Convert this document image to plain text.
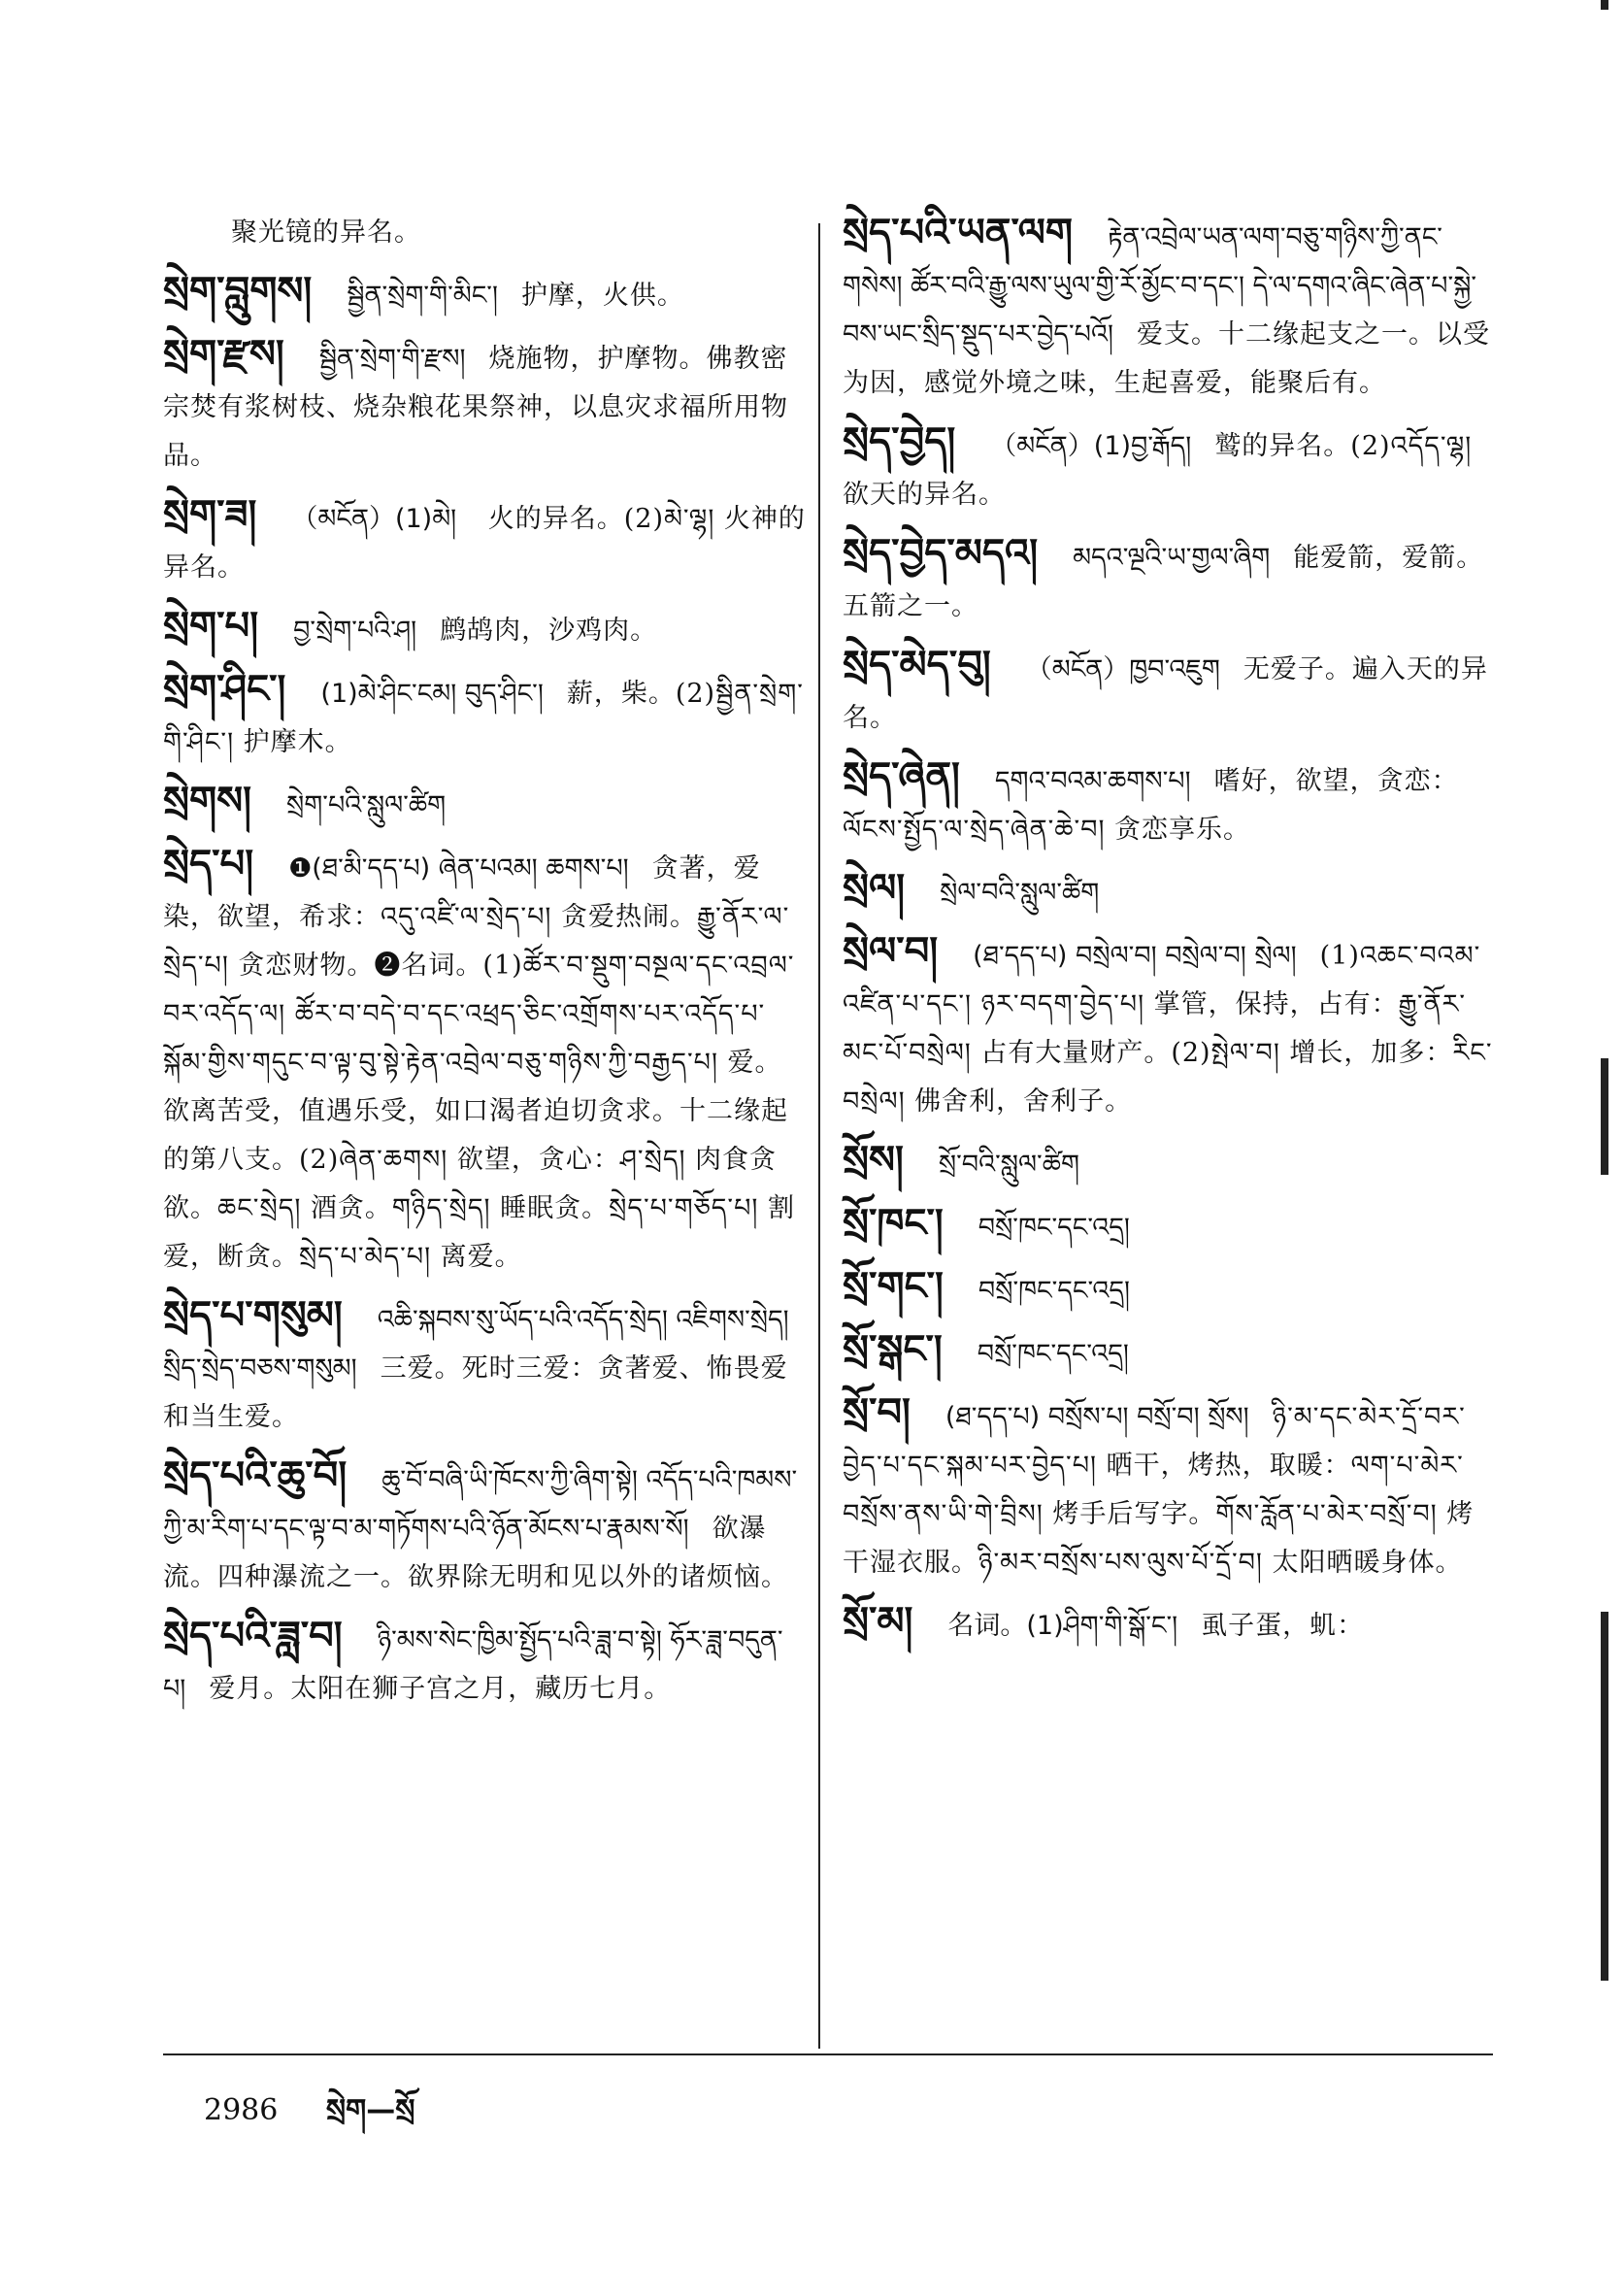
聚光镜的异名。
སྲེག་བླུགས། སྦྱིན་སྲེག་གི་མིང་། 护摩，火供。
སྲེག་རྫས། སྦྱིན་སྲེག་གི་རྫས། 烧施物，护摩物。佛教密宗焚有浆树枝、烧杂粮花果祭神，以息灾求福所用物品。
སྲེག་ཟ། （མངོན）(1)མེ། 火的异名。(2)མེ་ལྷ། 火神的异名。
སྲེག་པ། བྱ་སྲེག་པའི་ཤ། 鹧鸪肉，沙鸡肉。
སྲེག་ཤིང་། (1)མེ་ཤིང་ངམ། བུད་ཤིང་། 薪，柴。(2)སྦྱིན་སྲེག་གི་ཤིང་། 护摩木。
སྲེགས། སྲེག་པའི་སླུལ་ཚིག
སྲེད་པ། ❶(ཐ་མི་དད་པ) ཞེན་པའམ། ཆགས་པ། 贪著，爱染，欲望，希求：འདུ་འཛི་ལ་སྲེད་པ། 贪爱热闹。རྒྱུ་ནོར་ལ་སྲེད་པ། 贪恋财物。❷名词。(1)ཚོར་བ་སྡུག་བསྔལ་དང་འབྲལ་བར་འདོད་ལ། ཚོར་བ་བདེ་བ་དང་འཕྲད་ཅིང་འགྲོགས་པར་འདོད་པ་སྐོམ་གྱིས་གདུང་བ་ལྟ་བུ་སྟེ་རྟེན་འབྲེལ་བཅུ་གཉིས་ཀྱི་བརྒྱད་པ། 爱。欲离苦受，值遇乐受，如口渴者迫切贪求。十二缘起的第八支。(2)ཞེན་ཆགས། 欲望，贪心：ཤ་སྲེད། 肉食贪欲。ཆང་སྲེད། 酒贪。གཉིད་སྲེད། 睡眠贪。སྲེད་པ་གཅོད་པ། 割爱，断贪。སྲེད་པ་མེད་པ། 离爱。
སྲེད་པ་གསུམ། འཆི་སྐབས་སུ་ཡོད་པའི་འདོད་སྲེད། འཇིགས་སྲེད། སྲིད་སྲེད་བཅས་གསུམ། 三爱。死时三爱：贪著爱、怖畏爱和当生爱。
སྲེད་པའི་ཆུ་བོ། ཆུ་བོ་བཞི་ཡི་ཁོངས་ཀྱི་ཞིག་སྟེ། འདོད་པའི་ཁམས་ཀྱི་མ་རིག་པ་དང་ལྟ་བ་མ་གཏོགས་པའི་ཉོན་མོངས་པ་རྣམས་སོ། 欲瀑流。四种瀑流之一。欲界除无明和见以外的诸烦恼。
སྲེད་པའི་ཟླ་བ། ཉི་མས་སེང་ཁྱིམ་སྤྱོད་པའི་ཟླ་བ་སྟེ། ཧོར་ཟླ་བདུན་པ། 爱月。太阳在狮子宫之月，藏历七月。
སྲེད་པའི་ཡན་ལག རྟེན་འབྲེལ་ཡན་ལག་བཅུ་གཉིས་ཀྱི་ནང་གསེས། ཚོར་བའི་རྒྱུ་ལས་ཡུལ་གྱི་རོ་མྱོང་བ་དང་། དེ་ལ་དགའ་ཞིང་ཞེན་པ་སྐྱེ་བས་ཡང་སྲིད་སྡུད་པར་བྱེད་པའོ། 爱支。十二缘起支之一。以受为因，感觉外境之味，生起喜爱，能聚后有。
སྲེད་བྱེད། （མངོན）(1)བྱ་རྒོད། 鹫的异名。(2)འདོད་ལྷ། 欲天的异名。
སྲེད་བྱེད་མདའ། མདའ་ལྔའི་ཡ་གྱལ་ཞིག 能爱箭，爱箭。五箭之一。
སྲེད་མེད་བུ། （མངོན）ཁྱབ་འཇུག 无爱子。遍入天的异名。
སྲེད་ཞེན། དགའ་བའམ་ཆགས་པ། 嗜好，欲望，贪恋：ལོངས་སྤྱོད་ལ་སྲེད་ཞེན་ཆེ་བ། 贪恋享乐。
སྲེལ། སྲེལ་བའི་སླུལ་ཚིག
སྲེལ་བ། (ཐ་དད་པ) བསྲེལ་བ། བསྲེལ་བ། སྲེལ། (1)འཆང་བའམ་འཛིན་པ་དང་། ཉར་བདག་བྱེད་པ། 掌管，保持，占有：རྒྱུ་ནོར་མང་པོ་བསྲེལ། 占有大量财产。(2)སྤེལ་བ། 增长，加多：རིང་བསྲེལ། 佛舍利，舍利子。
སྲོས། སྲོ་བའི་སླུལ་ཚིག
སྲོ་ཁང་། བསྲོ་ཁང་དང་འདྲ།
སྲོ་གང་། བསྲོ་ཁང་དང་འདྲ།
སྲོ་སྒང་། བསྲོ་ཁང་དང་འདྲ།
སྲོ་བ། (ཐ་དད་པ) བསྲོས་པ། བསྲོ་བ། སྲོས། ཉི་མ་དང་མེར་དྲོ་བར་བྱེད་པ་དང་སྐམ་པར་བྱེད་པ། 晒干，烤热，取暖：ལག་པ་མེར་བསྲོས་ནས་ཡི་གེ་བྲིས། 烤手后写字。གོས་རློན་པ་མེར་བསྲོ་བ། 烤干湿衣服。ཉི་མར་བསྲོས་པས་ལུས་པོ་དྲོ་བ། 太阳晒暖身体。
སྲོ་མ། 名词。(1)ཤིག་གི་སྒོ་ང་། 虱子蛋，虮：
2986 སྲེག—སྲོ
